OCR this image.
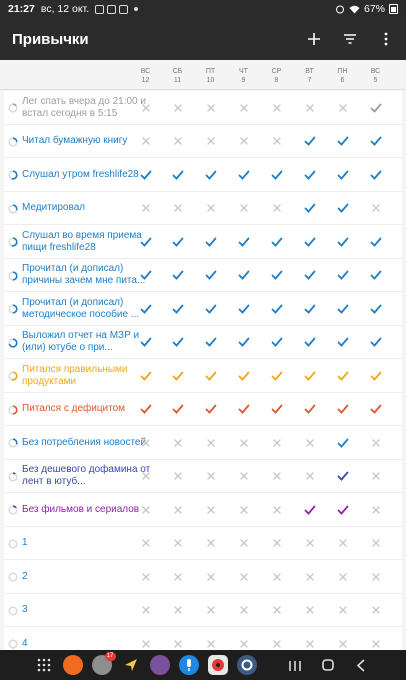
21:27 вс, 12 окт.	67%
Привычки
ВС
12
СБ
11
ПТ
10
ЧТ
9
СР
8
ВТ
7
ПН
6
ВС
5
Лег спать вчера до 21:00 и встал сегодня в 5:15
Читал бумажную книгу
Слушал утром freshlife28
Медитировал
Слушал во время приема пищи freshlife28
Прочитал (и дописал) причины зачем мне пита...
Прочитал (и дописал) методическое пособие ...
Выложил отчет на МЗР и (или) ютубе о при...
Питался правильными продуктами
Питался с дефицитом
Без потребления новостей
Без дешевого дофамина от лент в ютуб...
Без фильмов и сериалов
1
2
3
4
17
